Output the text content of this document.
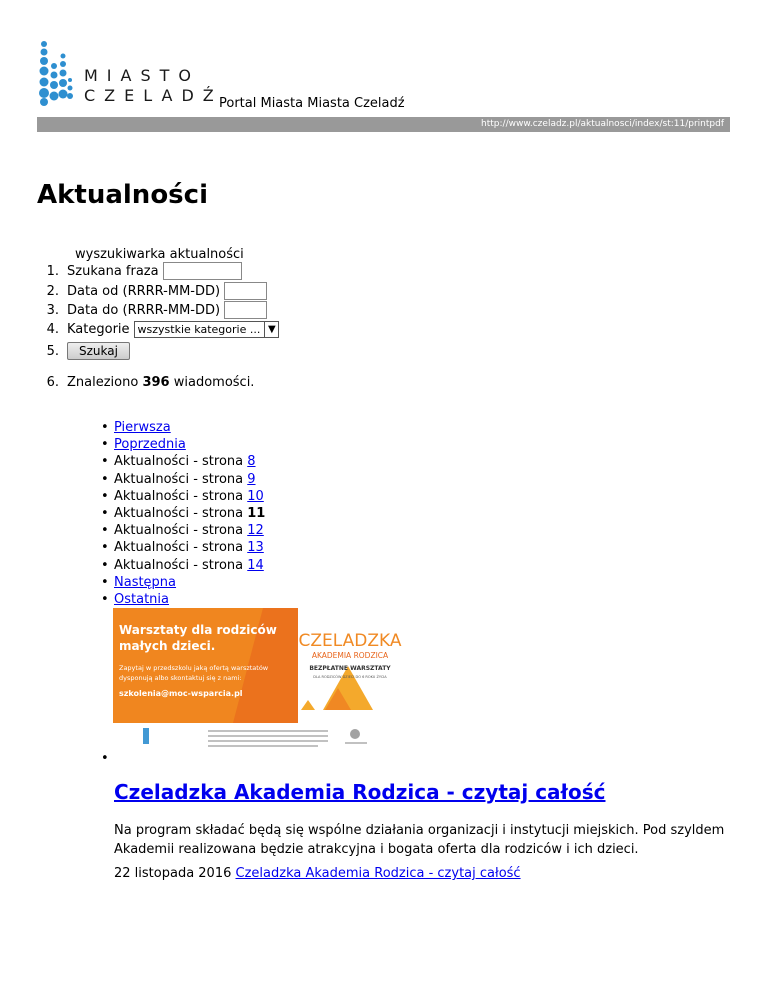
MIASTO
CZELADŹ
Portal Miasta Miasta Czeladź
http://www.czeladz.pl/aktualnosci/index/st:11/printpdf
Aktualności
wyszukiwarka aktualności
1. Szukana fraza
2. Data od (RRRR-MM-DD)
3. Data do (RRRR-MM-DD)
4. Kategorie wszystkie kategorie ... ▼
5.	Szukaj
6. Znaleziono 396 wiadomości.
• Pierwsza
• Poprzednia
• Aktualności - strona 8
• Aktualności - strona 9
• Aktualności - strona 10
• Aktualności - strona 11
• Aktualności - strona 12
• Aktualności - strona 13
• Aktualności - strona 14
• Następna
• Ostatnia
Warsztaty dla rodziców
małych dzieci.
Zapytaj w przedszkolu jaką ofertą warsztatów
dysponują albo skontaktuj się z nami:
szkolenia@moc-wsparcia.pl
CZELADZKA
AKADEMIA RODZICA
BEZPŁATNE WARSZTATY
DLA RODZICÓW DZIECI DO 6 ROKU ŻYCIA
•
Czeladzka Akademia Rodzica - czytaj całość
Na program składać będą się wspólne działania organizacji i instytucji miejskich. Pod szyldem Akademii realizowana będzie atrakcyjna i bogata oferta dla rodziców i ich dzieci.
22 listopada 2016 Czeladzka Akademia Rodzica - czytaj całość
